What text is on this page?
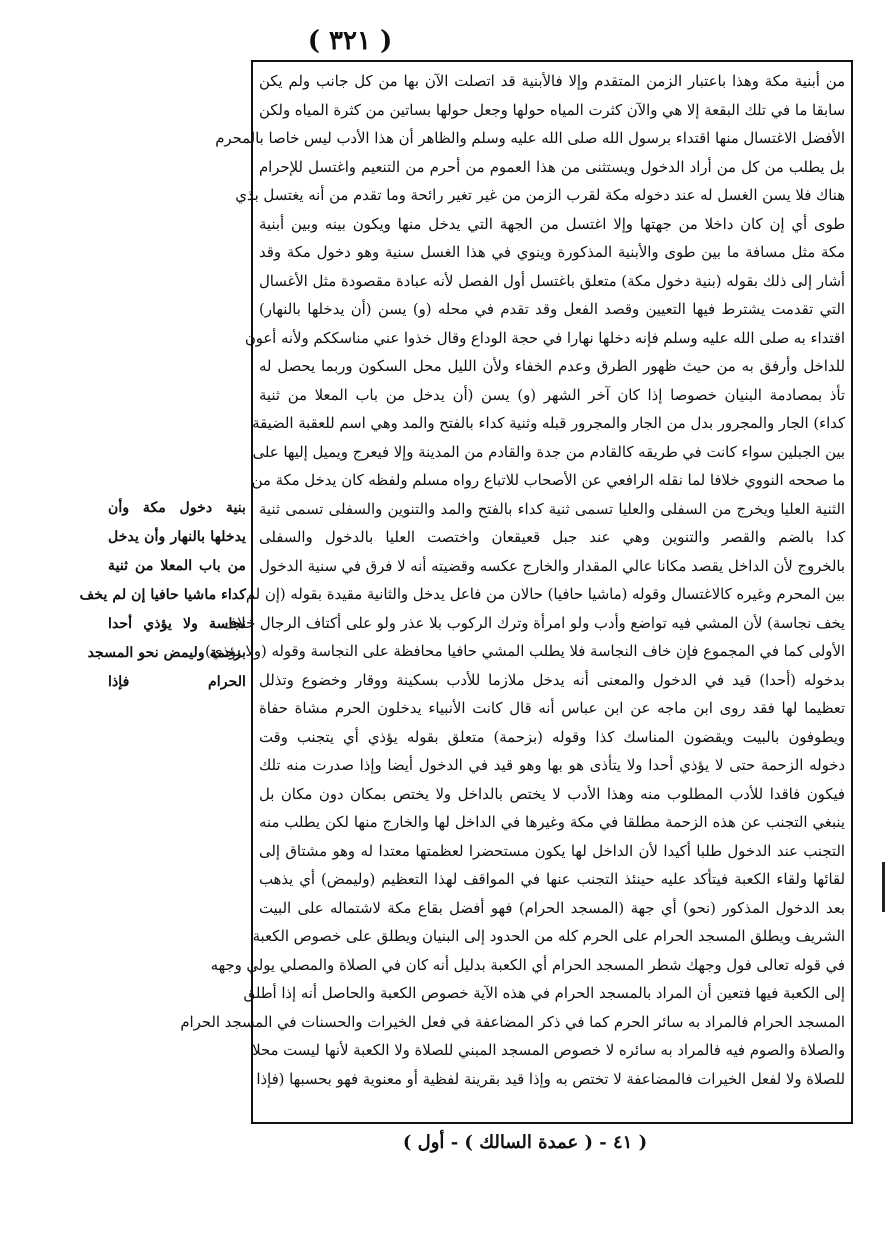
( ٣٢١ )
من أبنية مكة وهذا باعتبار الزمن المتقدم وإلا فالأبنية قد اتصلت الآن بها من كل جانب ولم يكن
سابقا ما في تلك البقعة إلا هي والآن كثرت المياه حولها وجعل حولها بساتين من كثرة المياه ولكن
الأفضل الاغتسال منها اقتداء برسول الله صلى الله عليه وسلم والظاهر أن هذا الأدب ليس خاصا بالمحرم
بل يطلب من كل من أراد الدخول ويستثنى من هذا العموم من أحرم من التنعيم واغتسل للإحرام
هناك فلا يسن الغسل له عند دخوله مكة لقرب الزمن من غير تغير رائحة وما تقدم من أنه يغتسل بذي
طوى أي إن كان داخلا من جهتها وإلا اغتسل من الجهة التي يدخل منها ويكون بينه وبين أبنية
مكة مثل مسافة ما بين طوى والأبنية المذكورة وينوي في هذا الغسل سنية وهو دخول مكة وقد
أشار إلى ذلك بقوله (بنية دخول مكة) متعلق باغتسل أول الفصل لأنه عبادة مقصودة مثل الأغسال
التي تقدمت يشترط فيها التعيين وقصد الفعل وقد تقدم في محله (و) يسن (أن يدخلها بالنهار)
اقتداء به صلى الله عليه وسلم فإنه دخلها نهارا في حجة الوداع وقال خذوا عني مناسككم ولأنه أعون
للداخل وأرفق به من حيث ظهور الطرق وعدم الخفاء ولأن الليل محل السكون وربما يحصل له
تأذ بمصادمة البنيان خصوصا إذا كان آخر الشهر (و) يسن (أن يدخل من باب المعلا من ثنية
كداء) الجار والمجرور بدل من الجار والمجرور قبله وثنية كداء بالفتح والمد وهي اسم للعقبة الضيقة
بين الجبلين سواء كانت في طريقه كالقادم من جدة والقادم من المدينة وإلا فيعرج ويميل إليها على
ما صححه النووي خلافا لما نقله الرافعي عن الأصحاب للاتباع رواه مسلم ولفظه كان يدخل مكة من
الثنية العليا ويخرج من السفلى والعليا تسمى ثنية كداء بالفتح والمد والتنوين والسفلى تسمى ثنية
كدا بالضم والقصر والتنوين وهي عند جبل قعيقعان واختصت العليا بالدخول والسفلى
بالخروج لأن الداخل يقصد مكانا عالي المقدار والخارج عكسه وقضيته أنه لا فرق في سنية الدخول
بين المحرم وغيره كالاغتسال وقوله (ماشيا حافيا) حالان من فاعل يدخل والثانية مقيدة بقوله (إن لم
يخف نجاسة) لأن المشي فيه تواضع وأدب ولو امرأة وترك الركوب بلا عذر ولو على أكتاف الرجال خلاف
الأولى كما في المجموع فإن خاف النجاسة فلا يطلب المشي حافيا محافظة على النجاسة وقوله (ولا يؤذي)
بدخوله (أحدا) قيد في الدخول والمعنى أنه يدخل ملازما للأدب بسكينة ووقار وخضوع وتذلل
تعظيما لها فقد روى ابن ماجه عن ابن عباس أنه قال كانت الأنبياء يدخلون الحرم مشاة حفاة
ويطوفون بالبيت ويقضون المناسك كذا وقوله (بزحمة) متعلق بقوله يؤذي أي يتجنب وقت
دخوله الزحمة حتى لا يؤذي أحدا ولا يتأذى هو بها وهو قيد في الدخول أيضا وإذا صدرت منه تلك
فيكون فاقدا للأدب المطلوب منه وهذا الأدب لا يختص بالداخل ولا يختص بمكان دون مكان بل
ينبغي التجنب عن هذه الزحمة مطلقا في مكة وغيرها في الداخل لها والخارج منها لكن يطلب منه
التجنب عند الدخول طلبا أكيدا لأن الداخل لها يكون مستحضرا لعظمتها معتدا له وهو مشتاق إلى
لقائها ولقاء الكعبة فيتأكد عليه حينئذ التجنب عنها في المواقف لهذا التعظيم (وليمض) أي يذهب
بعد الدخول المذكور (نحو) أي جهة (المسجد الحرام) فهو أفضل بقاع مكة لاشتماله على البيت
الشريف ويطلق المسجد الحرام على الحرم كله من الحدود إلى البنيان ويطلق على خصوص الكعبة
في قوله تعالى فول وجهك شطر المسجد الحرام أي الكعبة بدليل أنه كان في الصلاة والمصلي يولي وجهه
إلى الكعبة فيها فتعين أن المراد بالمسجد الحرام في هذه الآية خصوص الكعبة والحاصل أنه إذا أطلق
المسجد الحرام فالمراد به سائر الحرم كما في ذكر المضاعفة في فعل الخيرات والحسنات في المسجد الحرام
والصلاة والصوم فيه فالمراد به سائره لا خصوص المسجد المبني للصلاة ولا الكعبة لأنها ليست محلا
للصلاة ولا لفعل الخيرات فالمضاعفة لا تختص به وإذا قيد بقرينة لفظية أو معنوية فهو بحسبها (فإذا
بنية دخول مكة وأن
يدخلها بالنهار وأن يدخل
من باب المعلا من ثنية
كداء ماشيا حافيا إن لم يخف
نجاسة ولا يؤذي أحدا
بزحمة وليمض نحو المسجد
الحرام فإذا
( ٤١ - ( عمدة السالك ) - أول )
